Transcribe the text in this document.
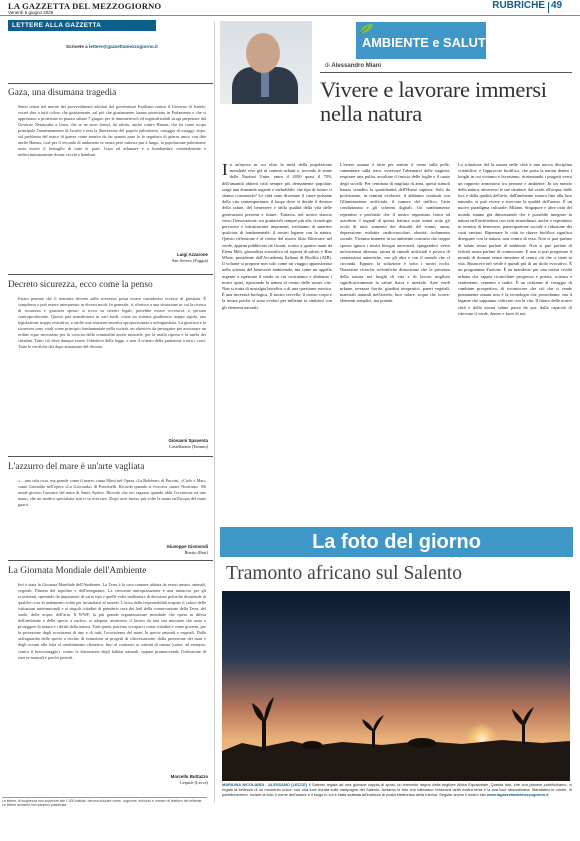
LA GAZZETTA DEL MEZZOGIORNO
Venerdì 6 giugno 2025
RUBRICHE 49
LETTERE ALLA GAZZETTA
Scrivete a lettere@gazzettamezzogiorno.it
Gaza, una disumana tragedia
Sento ormai nel merito dei provvedimenti adottati dal governatore Emiliano contro il Governo di Israele, vorrei dire a tutti coloro che giustamente, sul più che giustamente, hanno protestato in Parlamento e che si apprestano a protestare in piazza sabato 7 giugno per le innumerevoli ed inguistificabili stragi perpetrate dal Governo Netanyahu a Gaza, che se ne sono fottuti, da subito, anche contro Hamas, che ha come scopo principale l'annientamento di Israele e non la liberazione del popolo palestinese, ostaggio di ostaggi; dopo, sul problema del teatro di guerra come monito da far quanto pure lo la seguitato di guerra unico con dite anche Hamas, cioè per il secondo di andarsene se senza però tuttavia pur a lungo, la popolazione palestinese resta essere il bersaglio di tutte le parti. Gaza ad affamare e a bombardare criminalmente e indiscriminatamente donne vecchi e bambini.
Luigi Azzarone
San Severo (Foggia)
Decreto sicurezza, ecco come la penso
Errato pensare che il nascente decreto sulla sicurezza possa essere considerato eccesso di giustizia. È complesso e può essere interpretato in diversi modi. In generale, si riferisce a una situazione in cui la ricerca di sicurezza e giustizia spesso si trova su terreni legali, potrebbe essere eccessiva o persino controproducente. Questo può manifestarsi in vari modi, come un sistema giudiziario troppo rigido, una legislazione troppo restrittiva, o anche una reazione emotiva sproporzionata a un'ingiustizia. La giustizia e la sicurezza sono vitali come principio fondamentale nella società, un obiettivo da perseguire per assicurare un ordine equo necessario per la crescita della criminalità anche minorile, per la malfa ripresa e la tutela dei cittadini. Tutto ciò deve dunque essere l'obiettivo della legge, e non il criterio della punizione a tutti i costi. Tutte le verifiche dal dopo attuazione del decreto.
Giovanni Spaventa
Castellaneta (Taranto)
L'azzurro del mare è un'arte vagliata
«... una sola cosa, ma grande come il mare» canta Mimì nel Opera «La Bohème» di Puccini, «Cielo e Mar» canta Grimaldo nell'opera «La Gioconda» di Ponchielli. Ricordo quando si evocava «mare Nostrum». Mi rende gioioso l'azzurro del mare di Santo Spirito. Ricordo che ero ragazzo quando abbi l'occasione ad uno mano, che un medico specialista non ti sa ricercare. Dopo aver messo più volte la mano nell'acqua del mare guarii.
Giuseppe Gismondi
Bitetto (Bari)
La Giornata Mondiale dell'Ambiente
Ieri è stata la Giornata Mondiale dell'Ambiente. La Terra è la casa comune abitata da esseri umani, animali, vegetali. Pianeta del topolino e dell'insegnante. La crescente antropizzazione è una minaccia per gli ecosistemi, operando da inquinatori di vario tipo e quelle volte malleatore di decisioni politiche disattende di qualche cosa di andamento solite per incanalarsi al mondo. L'etica della responsabilità impone il valore delle istituzioni internazionali e ai singoli cittadini di prendersi cura dei fatti della conservazione della Terra, del suolo, delle acque, dell'aria. Il WWF, la più grande organizzazione mondiale che opera in difesa dell'ambiente e delle specie a rischio, si adopera, attraverso il lavoro da una sua missione che mira a proteggere la natura e i diritti della natura. Tutti questi potremo occuparci come cittadini e come governi, per la protezione degli ecosistemi di uno e di tutti, l'ecosistema del mare, le specie animali e vegetali. Dalla salvaguardia delle specie a rischio di estinzione ai progetti di rifiorestazione, dalla protezione dei mari e degli oceani alla lotta al cambiamento climatico, fino al contrasto ai crimini di natura (come, ad esempio, contro il bracconaggio), contro la distruzione degli habitat naturali, oppure promuovendo l'istituzione di riserve naturali e parchi protetti.
Marcello Buttazzo
Lequile (Lecce)
Le lettere, di lunghezza non superiore alle 1.000 battute, devono indicare nome, cognome, indirizzo e numero di telefono del mittente. Le lettere anonime non saranno pubblicate.
AMBIENTE e SALUTE
di Alessandro Miani
Vivere e lavorare immersi nella natura
I n un'epoca in cui oltre la metà della popolazione mondiale vive già in contesti urbani e, secondo le stime delle Nazioni Unite, entro il 2050 quasi il 70% dell'umanità abiterà città sempre più densamente popolate, sorge una domanda urgente e ineludibile: che tipo di futuro ci stiamo costruendo? Le città sono diventate il cuore pulsante della vita contemporanea, il luogo dove si decide il destino della salute, del benessere e della qualità della vita delle generazioni presenti e future. Tuttavia, nel nostro slancio verso l'innovazione, tra grattacieli sempre più alti, tecnologie pervasive e infrastrutture imponenti, rischiamo di smarrire qualcosa di fondamentale: il nostro legame con la natura. Questo riflessione è al centro del nuovo libro Ritrovare nel verde, appena pubblicato da Giunti, scritto a quattro mani da Elena Meli, giornalista scientifica ed esperta di salute, e Rita White, presidente dell'Accademia Italiana di Biofilia (AIB). Il volume si propone non solo come un viaggio appassionato nella scienza del benessere ambientale, ma come un appello urgente a ripensare il modo in cui costruiamo e abitiamo i nostri spazi, riportando la natura al centro delle nostre vite. Non si tratta di nostalgia bucolica o di una questione estetica. È una necessità biologica. Il nostro cervello, il nostro corpo e la nostra psiche si sono evoluti per millenni in simbiosi con gli elementi naturali.
L'essere umano è fatto per sentire il vento sulla pelle, camminare sulla terra, osservare l'alternarsi delle stagioni, respirare aria pulita, ascoltare il fruscio delle foglie e il canto degli uccelli. Per centinaia di migliaia di anni, questi stimoli hanno scandito la quotidianità dell'Homo sapiens. Solo da pochissimo, in termini evolutivi, il abbiamo sostituiti con l'illuminazione artificiale, il rumore del traffico, l'aria condizionata e gli schermi digitali. Un cambiamento repentino e profondo che il nostro organismo fatica ad assorbire. I segnali di questa frattura sono ormai sotto gli occhi di tutti: aumento dei disturbi del sonno, ansia, depressione, malattie cardiovascolari, obesità, isolamento sociale. Viviamo immersi in un ambiente costruito che troppo spesso ignora i nostri bisogni ancestrali, spingendoci verso un'esistenza alienata, satura di stimoli artificiali e povera di connessioni autentiche, con gli altri e con il mondo che ci circonda. Eppure, la soluzione è sotto i nostri occhi. Numerose ricerche scientifiche dimostrano che la presenza della natura nei luoghi di vita e di lavoro migliora significativamente la salute fisica e mentale. Aree verdi urbane, terrazze fiorite, giardini terapeutici, pareti vegetali, materiali naturali nell'arredo, luce solare, acqua che scorre: elementi semplici, ma potenti.
La soluzione del la natura nelle città è una nuova disciplina scientifica: è l'approccio biofilico, che porta la natura dentro i luoghi in cui viviamo e lavoriamo, riorientando i progetti verso un rapporto armonioso tra persone e ambiente. In un mondo della natura, attraverso le sue strutture, dal verde all'acqua, dalle luci e dalla qualità dell'aria, dall'ambiente sonoro fino alla luce naturale, si può vivere e ricercare la qualità dell'uomo. È un nuovo paradigma culturale: Milano, Singapore e altre città del mondo stanno già dimostrando che è possibile integrare la natura nell'architettura con esiti straordinari, anche e soprattutto in termini di benessere, partecipazione sociale e riduzione dei costi sanitari. Ripensare le città in chiave biofilica significa disegnare con la natura, non contro di essa. Non si può parlare di salute senza parlare di ambiente. Non si può parlare di felicità senza parlare di connessione. E non si può progettare il mondo di domani senza rimettere al centro ciò che ci tiene in vita. Rinascere nel verde è quindi più di un titolo evocativo. È un programma d'azione. È un manifesto per una nuova civiltà urbana che sappia riconciliare progresso e poesia, scienza e sentimento, cemento e radici. È un richiamo al coraggio di cambiare prospettiva, di riconoscere che ciò che ci rende pienamente umani non è la tecnologia che possediamo, ma il legame che sappiamo coltivare con la vita. Il futuro delle nostre città e della nostra salute passa da qui: dalla capacità di ritrovare il verde, dentro e fuori di noi.
La foto del giorno
Tramonto africano sul Salento
MARILINA NICOLARDI - ALESSANO (LECCE) Il Salento regala ad una giovane coppia di sposi, un tramonto degno della migliore Africa Equatoriale. Questa foto, che con piacere pubblichiamo, ci regala la bellezza di un momento unico, con una luce dorata sulle campagne del Salento. Amiamo le foto che catturano l'essenza della nostra terra e la sua luce straordinaria. Mandateci le vostre, le pubblicheremo. Inviare la foto, il nome dell'autore e il luogo in cui è stata scattata all'indirizzo di posta elettronica della rubrica. Seguite anche il nostro sito www.lagazzettadelmezzogiorno.it
